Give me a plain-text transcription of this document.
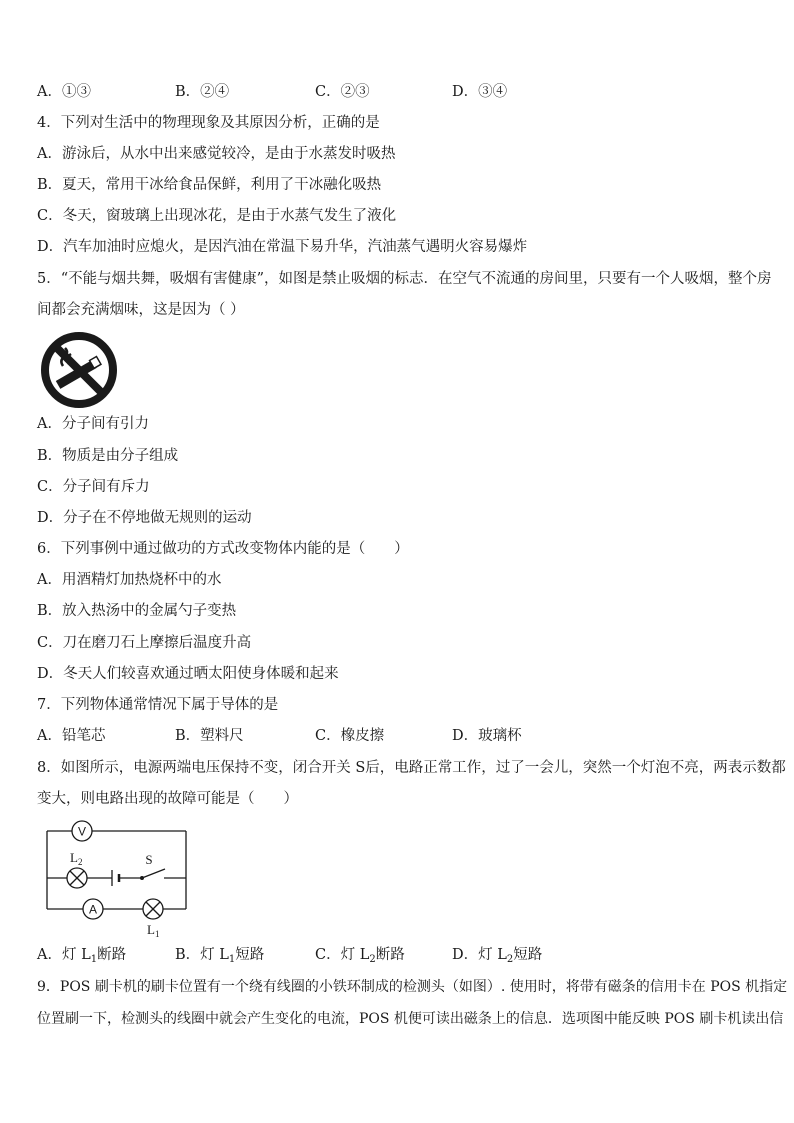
A．①③	B．②④	C．②③	D．③④
4．下列对生活中的物理现象及其原因分析，正确的是
A．游泳后，从水中出来感觉较冷，是由于水蒸发时吸热
B．夏天，常用干冰给食品保鲜，利用了干冰融化吸热
C．冬天，窗玻璃上出现冰花，是由于水蒸气发生了液化
D．汽车加油时应熄火，是因汽油在常温下易升华，汽油蒸气遇明火容易爆炸
5．“不能与烟共舞，吸烟有害健康”，如图是禁止吸烟的标志．在空气不流通的房间里，只要有一个人吸烟，整个房
间都会充满烟味，这是因为（ ）
A．分子间有引力
B．物质是由分子组成
C．分子间有斥力
D．分子在不停地做无规则的运动
6．下列事例中通过做功的方式改变物体内能的是（　　）
A．用酒精灯加热烧杯中的水
B．放入热汤中的金属勺子变热
C．刀在磨刀石上摩擦后温度升高
D．冬天人们较喜欢通过晒太阳使身体暖和起来
7．下列物体通常情况下属于导体的是
A．铅笔芯	B．塑料尺	C．橡皮擦	D．玻璃杯
8．如图所示，电源两端电压保持不变，闭合开关 S后，电路正常工作，过了一会儿，突然一个灯泡不亮，两表示数都
变大，则电路出现的故障可能是（　　）
V
A
S
$L_2$
$L_1$
A．灯 $L_1$断路	B．灯 $L_1$短路	C．灯 $L_2$断路	D．灯 $L_2$短路
9．POS 刷卡机的刷卡位置有一个绕有线圈的小铁环制成的检测头（如图）. 使用时，将带有磁条的信用卡在 POS 机指定
位置刷一下，检测头的线圈中就会产生变化的电流，POS 机便可读出磁条上的信息．选项图中能反映 POS 刷卡机读出信
